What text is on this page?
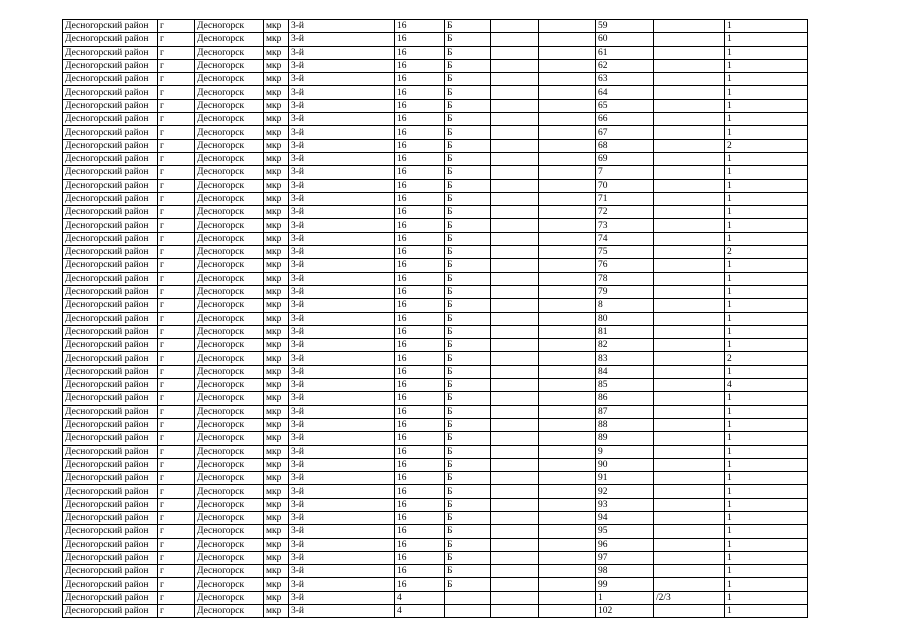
Десногорский район	г	Десногорск	мкр	3-й	16	Б			59		1
Десногорский район	г	Десногорск	мкр	3-й	16	Б			60		1
Десногорский район	г	Десногорск	мкр	3-й	16	Б			61		1
Десногорский район	г	Десногорск	мкр	3-й	16	Б			62		1
Десногорский район	г	Десногорск	мкр	3-й	16	Б			63		1
Десногорский район	г	Десногорск	мкр	3-й	16	Б			64		1
Десногорский район	г	Десногорск	мкр	3-й	16	Б			65		1
Десногорский район	г	Десногорск	мкр	3-й	16	Б			66		1
Десногорский район	г	Десногорск	мкр	3-й	16	Б			67		1
Десногорский район	г	Десногорск	мкр	3-й	16	Б			68		2
Десногорский район	г	Десногорск	мкр	3-й	16	Б			69		1
Десногорский район	г	Десногорск	мкр	3-й	16	Б			7		1
Десногорский район	г	Десногорск	мкр	3-й	16	Б			70		1
Десногорский район	г	Десногорск	мкр	3-й	16	Б			71		1
Десногорский район	г	Десногорск	мкр	3-й	16	Б			72		1
Десногорский район	г	Десногорск	мкр	3-й	16	Б			73		1
Десногорский район	г	Десногорск	мкр	3-й	16	Б			74		1
Десногорский район	г	Десногорск	мкр	3-й	16	Б			75		2
Десногорский район	г	Десногорск	мкр	3-й	16	Б			76		1
Десногорский район	г	Десногорск	мкр	3-й	16	Б			78		1
Десногорский район	г	Десногорск	мкр	3-й	16	Б			79		1
Десногорский район	г	Десногорск	мкр	3-й	16	Б			8		1
Десногорский район	г	Десногорск	мкр	3-й	16	Б			80		1
Десногорский район	г	Десногорск	мкр	3-й	16	Б			81		1
Десногорский район	г	Десногорск	мкр	3-й	16	Б			82		1
Десногорский район	г	Десногорск	мкр	3-й	16	Б			83		2
Десногорский район	г	Десногорск	мкр	3-й	16	Б			84		1
Десногорский район	г	Десногорск	мкр	3-й	16	Б			85		4
Десногорский район	г	Десногорск	мкр	3-й	16	Б			86		1
Десногорский район	г	Десногорск	мкр	3-й	16	Б			87		1
Десногорский район	г	Десногорск	мкр	3-й	16	Б			88		1
Десногорский район	г	Десногорск	мкр	3-й	16	Б			89		1
Десногорский район	г	Десногорск	мкр	3-й	16	Б			9		1
Десногорский район	г	Десногорск	мкр	3-й	16	Б			90		1
Десногорский район	г	Десногорск	мкр	3-й	16	Б			91		1
Десногорский район	г	Десногорск	мкр	3-й	16	Б			92		1
Десногорский район	г	Десногорск	мкр	3-й	16	Б			93		1
Десногорский район	г	Десногорск	мкр	3-й	16	Б			94		1
Десногорский район	г	Десногорск	мкр	3-й	16	Б			95		1
Десногорский район	г	Десногорск	мкр	3-й	16	Б			96		1
Десногорский район	г	Десногорск	мкр	3-й	16	Б			97		1
Десногорский район	г	Десногорск	мкр	3-й	16	Б			98		1
Десногорский район	г	Десногорск	мкр	3-й	16	Б			99		1
Десногорский район	г	Десногорск	мкр	3-й	4				1	/2/3	1
Десногорский район	г	Десногорск	мкр	3-й	4				102		1
